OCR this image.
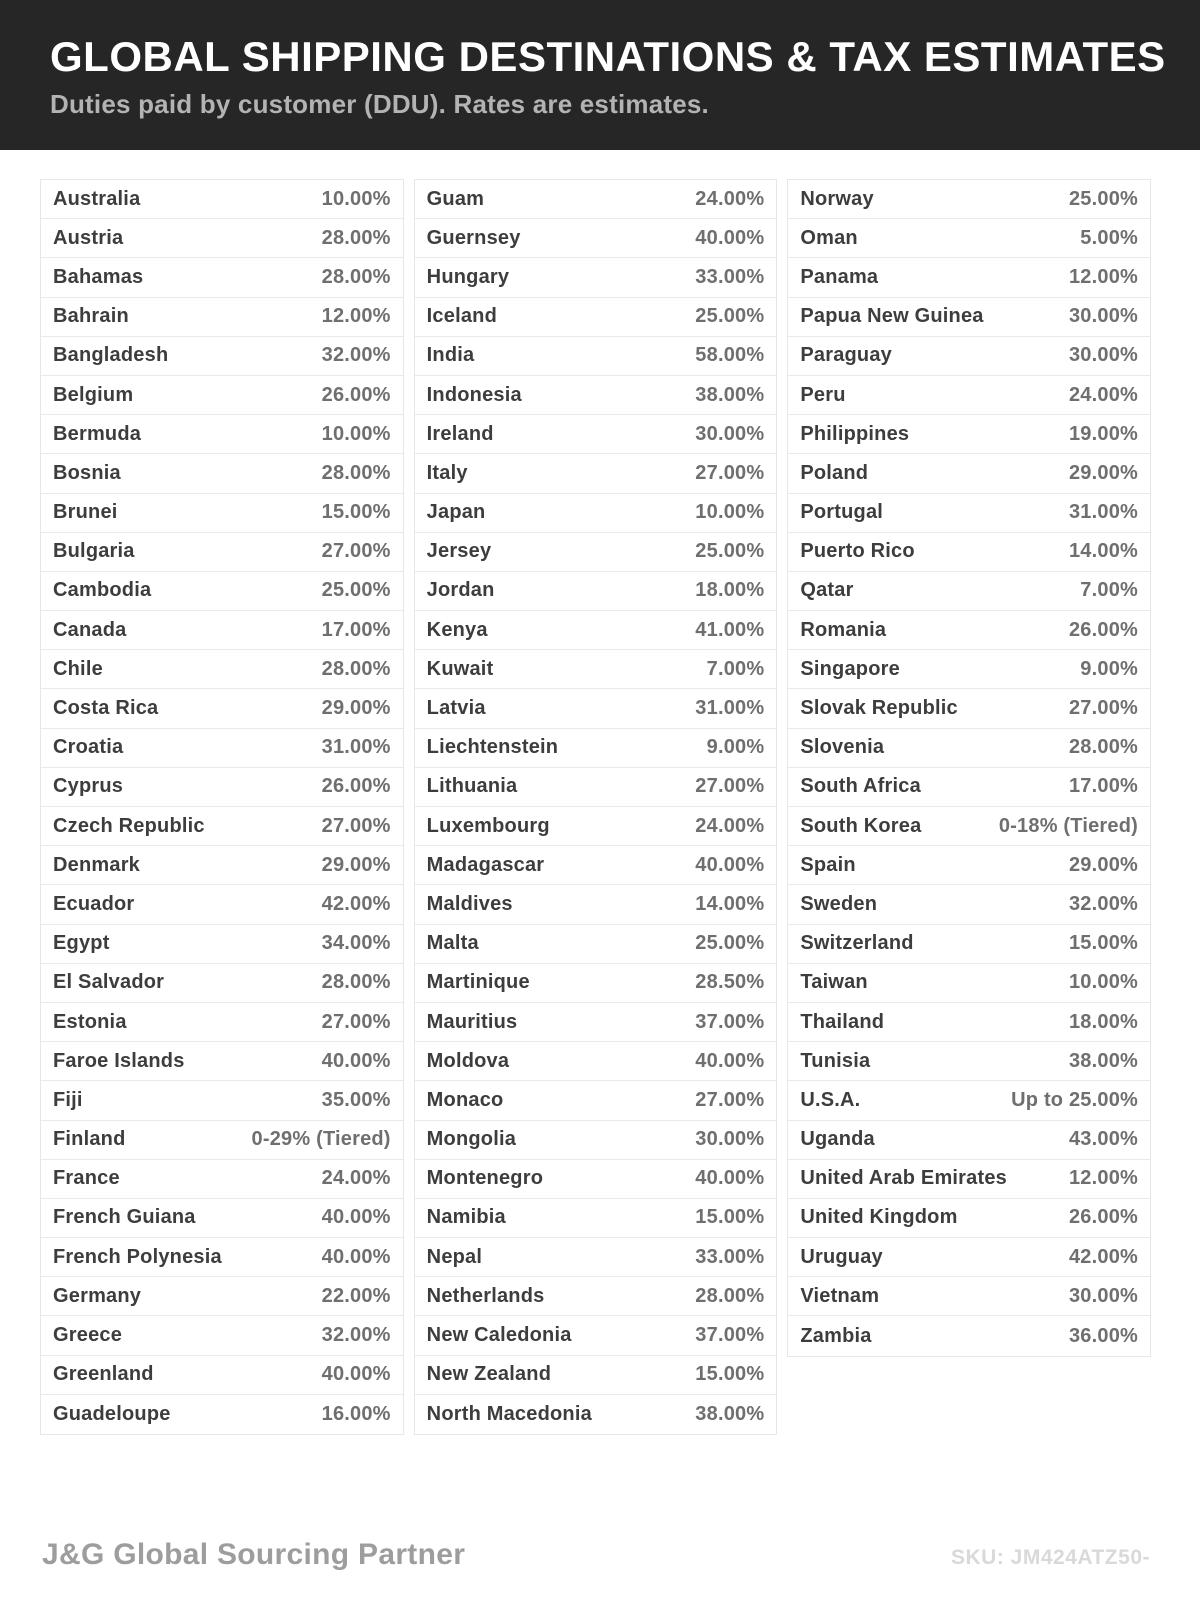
GLOBAL SHIPPING DESTINATIONS & TAX ESTIMATES
Duties paid by customer (DDU). Rates are estimates.
Australia	10.00%
Austria	28.00%
Bahamas	28.00%
Bahrain	12.00%
Bangladesh	32.00%
Belgium	26.00%
Bermuda	10.00%
Bosnia	28.00%
Brunei	15.00%
Bulgaria	27.00%
Cambodia	25.00%
Canada	17.00%
Chile	28.00%
Costa Rica	29.00%
Croatia	31.00%
Cyprus	26.00%
Czech Republic	27.00%
Denmark	29.00%
Ecuador	42.00%
Egypt	34.00%
El Salvador	28.00%
Estonia	27.00%
Faroe Islands	40.00%
Fiji	35.00%
Finland	0-29% (Tiered)
France	24.00%
French Guiana	40.00%
French Polynesia	40.00%
Germany	22.00%
Greece	32.00%
Greenland	40.00%
Guadeloupe	16.00%
Guam	24.00%
Guernsey	40.00%
Hungary	33.00%
Iceland	25.00%
India	58.00%
Indonesia	38.00%
Ireland	30.00%
Italy	27.00%
Japan	10.00%
Jersey	25.00%
Jordan	18.00%
Kenya	41.00%
Kuwait	7.00%
Latvia	31.00%
Liechtenstein	9.00%
Lithuania	27.00%
Luxembourg	24.00%
Madagascar	40.00%
Maldives	14.00%
Malta	25.00%
Martinique	28.50%
Mauritius	37.00%
Moldova	40.00%
Monaco	27.00%
Mongolia	30.00%
Montenegro	40.00%
Namibia	15.00%
Nepal	33.00%
Netherlands	28.00%
New Caledonia	37.00%
New Zealand	15.00%
North Macedonia	38.00%
Norway	25.00%
Oman	5.00%
Panama	12.00%
Papua New Guinea	30.00%
Paraguay	30.00%
Peru	24.00%
Philippines	19.00%
Poland	29.00%
Portugal	31.00%
Puerto Rico	14.00%
Qatar	7.00%
Romania	26.00%
Singapore	9.00%
Slovak Republic	27.00%
Slovenia	28.00%
South Africa	17.00%
South Korea	0-18% (Tiered)
Spain	29.00%
Sweden	32.00%
Switzerland	15.00%
Taiwan	10.00%
Thailand	18.00%
Tunisia	38.00%
U.S.A.	Up to 25.00%
Uganda	43.00%
United Arab Emirates	12.00%
United Kingdom	26.00%
Uruguay	42.00%
Vietnam	30.00%
Zambia	36.00%
J&G Global Sourcing Partner	SKU: JM424ATZ50-
